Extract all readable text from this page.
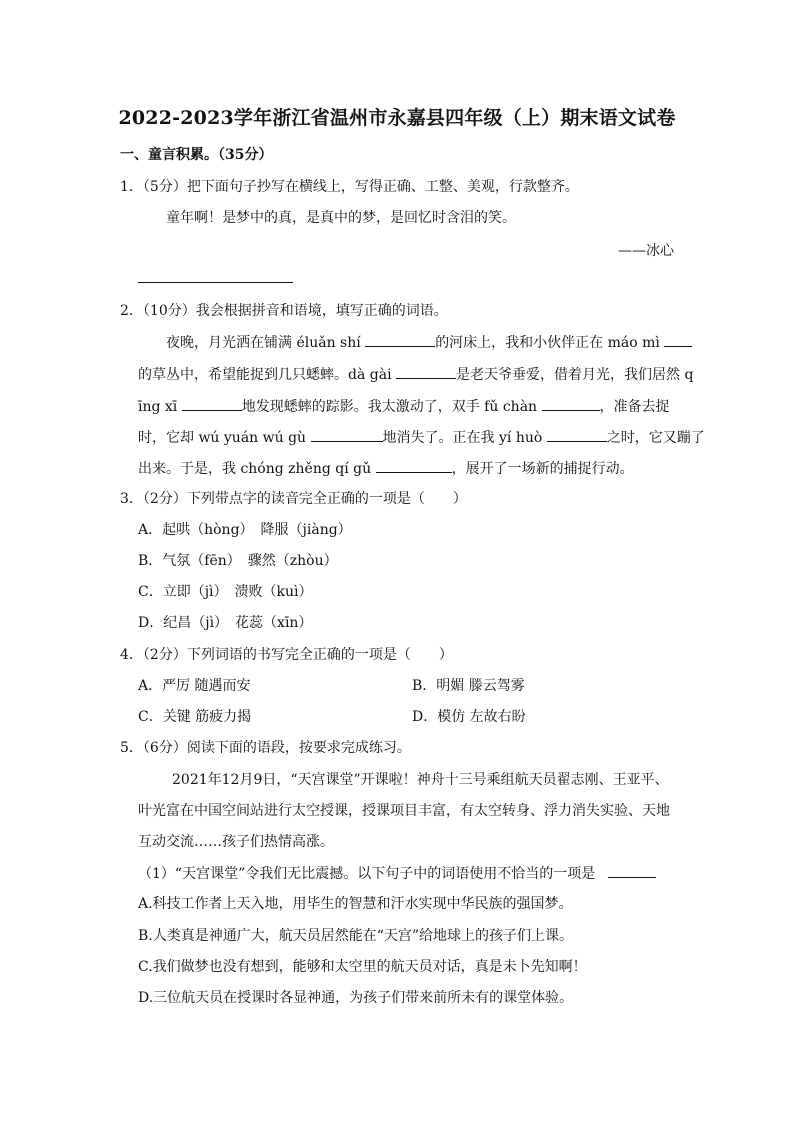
2022-2023学年浙江省温州市永嘉县四年级（上）期末语文试卷
一、童言积累。（35分）
1．（5分）把下面句子抄写在横线上，写得正确、工整、美观，行款整齐。
童年啊！是梦中的真，是真中的梦，是回忆时含泪的笑。
——冰心
2．（10分）我会根据拼音和语境，填写正确的词语。
夜晚，月光洒在铺满 éluǎn shí	的河床上，我和小伙伴正在 máo mì
的草丛中，希望能捉到几只蟋蟀。dà gài	是老天爷垂爱，借着月光，我们居然 q
īng xī	地发现蟋蟀的踪影。我太激动了，双手 fǔ chàn	，准备去捉
时，它却 wú yuán wú gù	地消失了。正在我 yí huò	之时，它又蹦了
出来。于是，我 chóng zhěng qí gǔ	，展开了一场新的捕捉行动。
3．（2分）下列带点字的读音完全正确的一项是（　　）
A．起哄（hòng）　降服（jiàng）
B．气氛（fēn）　骤然（zhòu）
C．立即（jì）　溃败（kuì）
D．纪昌（jì）　花蕊（xīn）
4．（2分）下列词语的书写完全正确的一项是（　　）
A．严厉 随遇而安	B．明媚 滕云驾雾
C．关键 筋疲力揭	D．模仿 左故右盼
5．（6分）阅读下面的语段，按要求完成练习。
2021年12月9日，“天宫课堂”开课啦！神舟十三号乘组航天员翟志刚、王亚平、
叶光富在中国空间站进行太空授课，授课项目丰富，有太空转身、浮力消失实验、天地
互动交流……孩子们热情高涨。
（1）“天宫课堂”令我们无比震撼。以下句子中的词语使用不恰当的一项是
A.科技工作者上天入地，用毕生的智慧和汗水实现中华民族的强国梦。
B.人类真是神通广大，航天员居然能在“天宫”给地球上的孩子们上课。
C.我们做梦也没有想到，能够和太空里的航天员对话，真是未卜先知啊！
D.三位航天员在授课时各显神通，为孩子们带来前所未有的课堂体验。
